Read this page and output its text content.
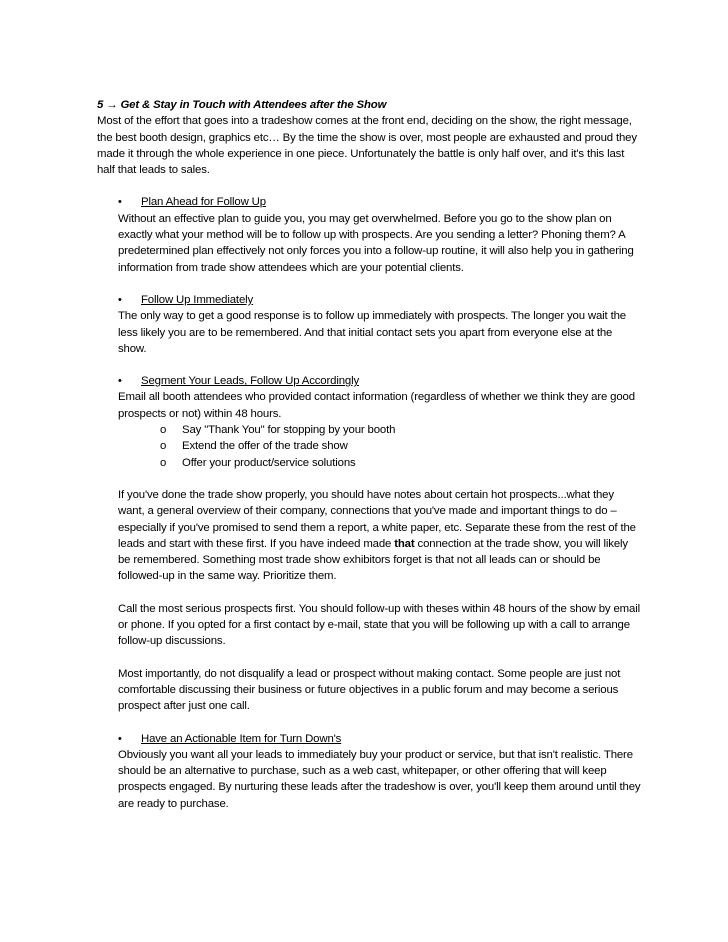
5 → Get & Stay in Touch with Attendees after the Show

Most of the effort that goes into a tradeshow comes at the front end, deciding on the show, the right message, the best booth design, graphics etc… By the time the show is over, most people are exhausted and proud they made it through the whole experience in one piece. Unfortunately the battle is only half over, and it's this last half that leads to sales.

• Plan Ahead for Follow Up

Without an effective plan to guide you, you may get overwhelmed. Before you go to the show plan on exactly what your method will be to follow up with prospects. Are you sending a letter? Phoning them? A predetermined plan effectively not only forces you into a follow-up routine, it will also help you in gathering information from trade show attendees which are your potential clients.

• Follow Up Immediately

The only way to get a good response is to follow up immediately with prospects. The longer you wait the less likely you are to be remembered. And that initial contact sets you apart from everyone else at the show.

• Segment Your Leads, Follow Up Accordingly

Email all booth attendees who provided contact information (regardless of whether we think they are good prospects or not) within 48 hours.

o Say "Thank You" for stopping by your booth

o Extend the offer of the trade show

o Offer your product/service solutions

If you've done the trade show properly, you should have notes about certain hot prospects...what they want, a general overview of their company, connections that you've made and important things to do – especially if you've promised to send them a report, a white paper, etc. Separate these from the rest of the leads and start with these first. If you have indeed made that connection at the trade show, you will likely be remembered. Something most trade show exhibitors forget is that not all leads can or should be followed-up in the same way. Prioritize them.

Call the most serious prospects first. You should follow-up with theses within 48 hours of the show by email or phone. If you opted for a first contact by e-mail, state that you will be following up with a call to arrange follow-up discussions.

Most importantly, do not disqualify a lead or prospect without making contact. Some people are just not comfortable discussing their business or future objectives in a public forum and may become a serious prospect after just one call.

• Have an Actionable Item for Turn Down's

Obviously you want all your leads to immediately buy your product or service, but that isn't realistic. There should be an alternative to purchase, such as a web cast, whitepaper, or other offering that will keep prospects engaged. By nurturing these leads after the tradeshow is over, you'll keep them around until they are ready to purchase.
